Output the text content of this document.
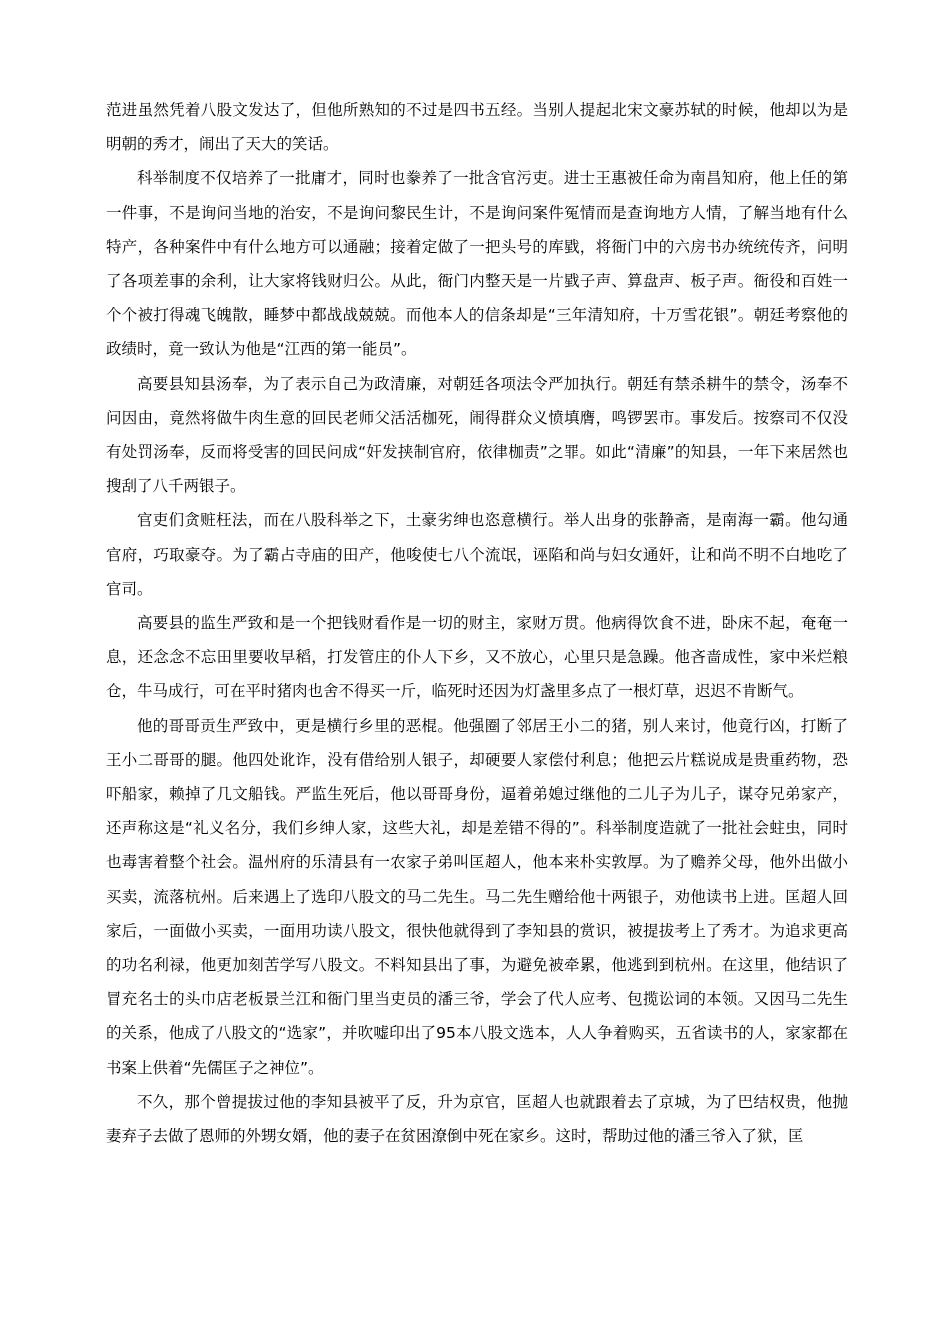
范进虽然凭着八股文发达了，但他所熟知的不过是四书五经。当别人提起北宋文豪苏轼的时候，他却以为是明朝的秀才，闹出了天大的笑话。

科举制度不仅培养了一批庸才，同时也豢养了一批含官污吏。进士王惠被任命为南昌知府，他上任的第一件事，不是询问当地的治安，不是询问黎民生计，不是询问案件冤情而是查询地方人情，了解当地有什么特产，各种案件中有什么地方可以通融；接着定做了一把头号的库戥，将衙门中的六房书办统统传齐，问明了各项差事的余利，让大家将钱财归公。从此，衙门内整天是一片戥子声、算盘声、板子声。衙役和百姓一个个被打得魂飞魄散，睡梦中都战战兢兢。而他本人的信条却是“三年清知府，十万雪花银”。朝廷考察他的政绩时，竟一致认为他是“江西的第一能员”。

高要县知县汤奉，为了表示自己为政清廉，对朝廷各项法令严加执行。朝廷有禁杀耕牛的禁令，汤奉不问因由，竟然将做牛肉生意的回民老师父活活枷死，闹得群众义愤填膺，鸣锣罢市。事发后。按察司不仅没有处罚汤奉，反而将受害的回民问成“奸发挟制官府，依律枷责”之罪。如此“清廉”的知县，一年下来居然也搜刮了八千两银子。

官吏们贪赃枉法，而在八股科举之下，土豪劣绅也恣意横行。举人出身的张静斋，是南海一霸。他勾通官府，巧取豪夺。为了霸占寺庙的田产，他唆使七八个流氓，诬陷和尚与妇女通奸，让和尚不明不白地吃了官司。

高要县的监生严致和是一个把钱财看作是一切的财主，家财万贯。他病得饮食不进，卧床不起，奄奄一息，还念念不忘田里要收早稻，打发管庄的仆人下乡，又不放心，心里只是急躁。他吝啬成性，家中米烂粮仓，牛马成行，可在平时猪肉也舍不得买一斤，临死时还因为灯盏里多点了一根灯草，迟迟不肯断气。

他的哥哥贡生严致中，更是横行乡里的恶棍。他强圈了邻居王小二的猪，别人来讨，他竟行凶，打断了王小二哥哥的腿。他四处讹诈，没有借给别人银子，却硬要人家偿付利息；他把云片糕说成是贵重药物，恐吓船家，赖掉了几文船钱。严监生死后，他以哥哥身份，逼着弟媳过继他的二儿子为儿子，谋夺兄弟家产，还声称这是“礼义名分，我们乡绅人家，这些大礼，却是差错不得的”。科举制度造就了一批社会蛀虫，同时也毒害着整个社会。温州府的乐清县有一农家子弟叫匡超人，他本来朴实敦厚。为了赡养父母，他外出做小买卖，流落杭州。后来遇上了选印八股文的马二先生。马二先生赠给他十两银子，劝他读书上进。匡超人回家后，一面做小买卖，一面用功读八股文，很快他就得到了李知县的赏识，被提拔考上了秀才。为追求更高的功名利禄，他更加刻苦学写八股文。不料知县出了事，为避免被牵累，他逃到到杭州。在这里，他结识了冒充名士的头巾店老板景兰江和衙门里当吏员的潘三爷，学会了代人应考、包揽讼词的本领。又因马二先生的关系，他成了八股文的“选家”，并吹嘘印出了95本八股文选本，人人争着购买，五省读书的人，家家都在书案上供着“先儒匡子之神位”。

不久，那个曾提拔过他的李知县被平了反，升为京官，匡超人也就跟着去了京城，为了巴结权贵，他抛妻弃子去做了恩师的外甥女婿，他的妻子在贫困潦倒中死在家乡。这时，帮助过他的潘三爷入了狱，匡
